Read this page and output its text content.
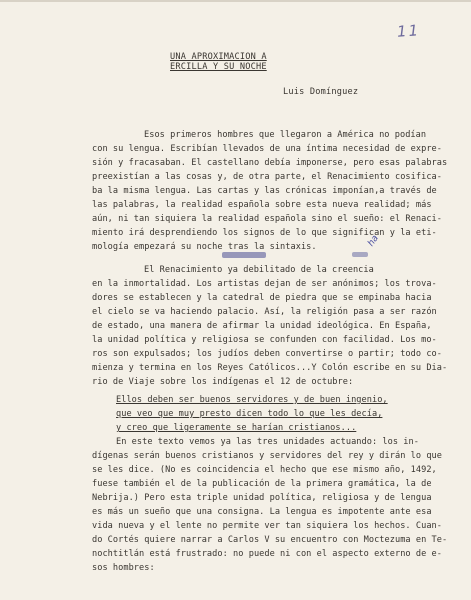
11
UNA APROXIMACION A
ERCILLA Y SU NOCHE
Luis Domínguez
ha
Esos primeros hombres que llegaron a América no podían
con su lengua. Escribían llevados de una íntima necesidad de expre-
sión y fracasaban. El castellano debía imponerse, pero esas palabras
preexistían a las cosas y, de otra parte, el Renacimiento cosifica-
ba la misma lengua. Las cartas y las crónicas imponían,a través de
las palabras, la realidad española sobre esta nueva realidad; más
aún, ni tan siquiera la realidad española sino el sueño: el Renaci-
miento irá desprendiendo los signos de lo que significan y la eti-
mología empezará su noche tras la sintaxis.
El Renacimiento ya debilitado de la creencia
en la inmortalidad. Los artistas dejan de ser anónimos; los trova-
dores se establecen y la catedral de piedra que se empinaba hacia
el cielo se va haciendo palacio. Así, la religión pasa a ser razón
de estado, una manera de afirmar la unidad ideológica. En España,
la unidad política y religiosa se confunden con facilidad. Los mo-
ros son expulsados; los judíos deben convertirse o partir; todo co-
mienza y termina en los Reyes Católicos...Y Colón escribe en su Dia-
rio de Viaje sobre los indígenas el 12 de octubre:
Ellos deben ser buenos servidores y de buen ingenio,
que veo que muy presto dicen todo lo que les decía,
y creo que ligeramente se harían cristianos...
En este texto vemos ya las tres unidades actuando: los in-
dígenas serán buenos cristianos y servidores del rey y dirán lo que
se les dice. (No es coincidencia el hecho que ese mismo año, 1492,
fuese también el de la publicación de la primera gramática, la de
Nebrija.) Pero esta triple unidad política, religiosa y de lengua
es más un sueño que una consigna. La lengua es impotente ante esa
vida nueva y el lente no permite ver tan siquiera los hechos. Cuan-
do Cortés quiere narrar a Carlos V su encuentro con Moctezuma en Te-
nochtitlán está frustrado: no puede ni con el aspecto externo de e-
sos hombres:
